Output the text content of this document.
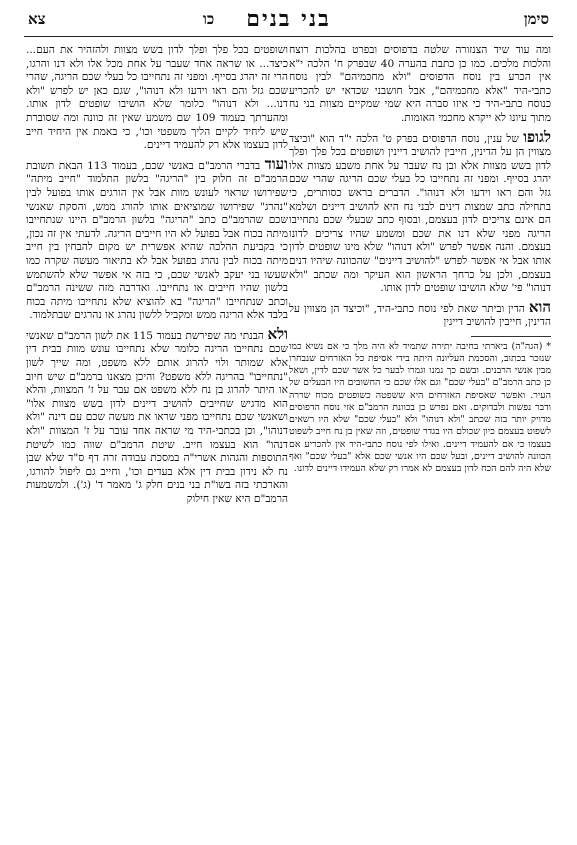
סימן
בני בנים
כו
צא

ומה עוד שיד הצנזורה שלטה בדפוסים ובפרט בהלכות רוצח והלכות מלכים. כמו כן כתבת בהערה 40 שבפרק ח' הלכה י"א אין הכרע בין נוסח הדפוסים "ולא מחכמיהם" לבין נוסח כתבי-היד "אלא מחכמיהם", אבל חושבני שכדאי יש להכריע כנוסח כתבי-היד כי איזו סברה היא שמי שמקיים מצוות בני נח מתוך עיונו לא ייקרא מחכמי האומות.

לגופו של ענין, נוסח הדפוסים בפרק ט' הלכה י"ד הוא "וכיצד מצווין הן על הדינין, חייבין להושיב דיינין ושופטים בכל פלך ופלך לדון בשש מצוות אלא ובן נח שעבר על אחת משבע מצוות אלו יהרג בסייף. ומפני זה נתחייבו כל בעלי שכם הריגה שהרי שכם גזל והם ראו וידעו ולא דנוהו". הדברים בראש כסותרים, כי בתחילה כתב שמצות דינים לבני נח היא להושיב דיינים ושלמא הם אינם צריכים לדון בעצמם, ובסוף כתב שבעלי שכם נתחייבו הריגה מפני שלא דנו את שכם ומשמע שהיו צריכים לדונו בעצמם. והנה אפשר לפרש "ולא דנוהו" שלא מינו שופטים לדון אותו אבל אי אפשר לפרש "להושיב דיינים" שהכוונה שיהיו דנים בעצמם, ולכן על כרחך הראשון הוא העיקר ומה שכתב "ולא דנוהו" פי' שלא הושיבו שופטים לדון אותו.

הוא הדין וביתר שאת לפי נוסח כתבי-היד, "וכיצד הן מצווין על הדינין, חייבין להושיב דיינין

* (הגה"ה) ביארתי בחיבה יתירה שתמיד לא היה מלך כי אם נשיא כמו שנזכר בכתוב, והסכמת העליונה היתה בידי אסיפת כל האזרחים שנבחרו מבין אנשי הרבנים. ובשם כך נמנו וגמרו לבער כל אשר שכם לדין, ושאל כן כתב הרמב"ם "בעלי שכם" וגם אלו שכם כי החשובים היו הבעלים של העיר. ואפשר שאסיפת האזרחים היא ששפטה כשופטים מכוח שררה ודבר נפשות ולבדוקים. ואם נפרש כן בכוונת הרמב"ם אזי נוסח הדפוסים מדויק יותר בזה שכתב "ולא דנוהו" ולא "בעלי שכם" שלא היו רשאים לשפוט בעצמם כיון שכולם היו בגדר שופטים, וזה שאין בן נח חייב לשפוט בעצמו כי אם להעמיד דיינים. ואילו לפי נוסח כתבי-היד אין להכריע אם הכוונה להושיב דיינים, ובעל שכם היו אנשי שכם אלא "בעלי שכם" ואף שלא היה להם הכח לדון בעצמם לא אמרו רק שלא העמידו דיינים לדונו.

ושופטים בכל פלך ופלך לדון בשש מצוות ולהזהיר את העם... כיצד... או שראה אחד שעבר על אחת מכל אלו ולא דנו והרגו, הרי זה יהרג בסייף. ומפני זה נתחייבו כל בעלי שכם הריגה, שהרי שכם גזל והם ראו וידעו ולא דנוהו", שגם כאן יש לפרש "ולא דנו... ולא דנוהו" כלומר שלא הושיבו שופטים לדון אותו. ומהערתך בעמוד 109 שם משמע שאין זה כוונה ומה שסוברת שיש ליחיד לקיים הליך משפטי וכו', כי באמת אין היחיד חייב לדון בעצמו אלא רק להעמיד דיינים.

ועוד בדברי הרמב"ם באנשי שכם, בעמוד 113 הבאת תשובת הרמב"ם זה חלוק בין "הריגה" בלשון התלמוד "חייב מיתה" שפירושו שראוי לעונש מוות אבל אין הורגים אותו בפועל לבין "נהרג" שפירושו שמוציאים אותו להורג ממש, והסקת שאנשי שכם שהרמב"ם כתב "הריגה" בלשון הרמב"ם היינו שנתחייבו מיתה בכוח אבל בפועל לא היו חייבים הריגה. לדעתי אין זה נכון, כי בקביעת ההלכה שהיא אפשרית יש מקום להבחין בין חייב מיתה בכוח לבין נהרג בפועל אבל לא בתיאור מעשה שקרה כמו שעשו בני יעקב לאנשי שכם, כי בזה אי אפשר שלא להשתמש בלשון שהיו חייבים או נתחייבו. ואדרבה מזה ששינה הרמב"ם וכתב שנתחייבו "הריגה" בא להוציא שלא נתחייבו מיתה בכוח בלבד אלא הריגה ממש ומקביל ללשון נהרג או נהרגים שבתלמוד.

ולא הבנתי מה שפירשת בעמוד 115 את לשון הרמב"ם שאנשי שכם נתחייבו הריגה כלומר שלא נתחייבו עונש מוות בבית דין אלא שמותר ולוי להרוג אותם ללא משפט, ומה שייך לשון "נתחייבו" בהריגה ללא משפט? והיכן מצאנו ברמב"ם שיש חיוב או היתר להרוג בן נח ללא משפט אם עבר על ז' המצוות, והלא הוא מדגיש שחייבים להושיב דיינים לדון בשש מצוות אלו" ושאנשי שכם נתחייבו מפני שראו את מעשה שכם עם דינה "ולא דנוהו", וכן בכתבי-היד מי שראה אחד עובר על ז' המצוות "ולא דנהו" הוא בעצמו חייב. שיטת הרמב"ם שווה כמו לשיטת התוספות והגהות אשרי"ה במסכת עבודה זרה דף ס"ד שלא שבן נח לא נידון בבית דין אלא בעדים וכו', וחייב גם ליפול להורגו, והארכתי בזה בשו"ת בני בנים חלק ג' מאמר ד' (ג'). ולמשמעות הרמב"ם היא שאין חילוק
